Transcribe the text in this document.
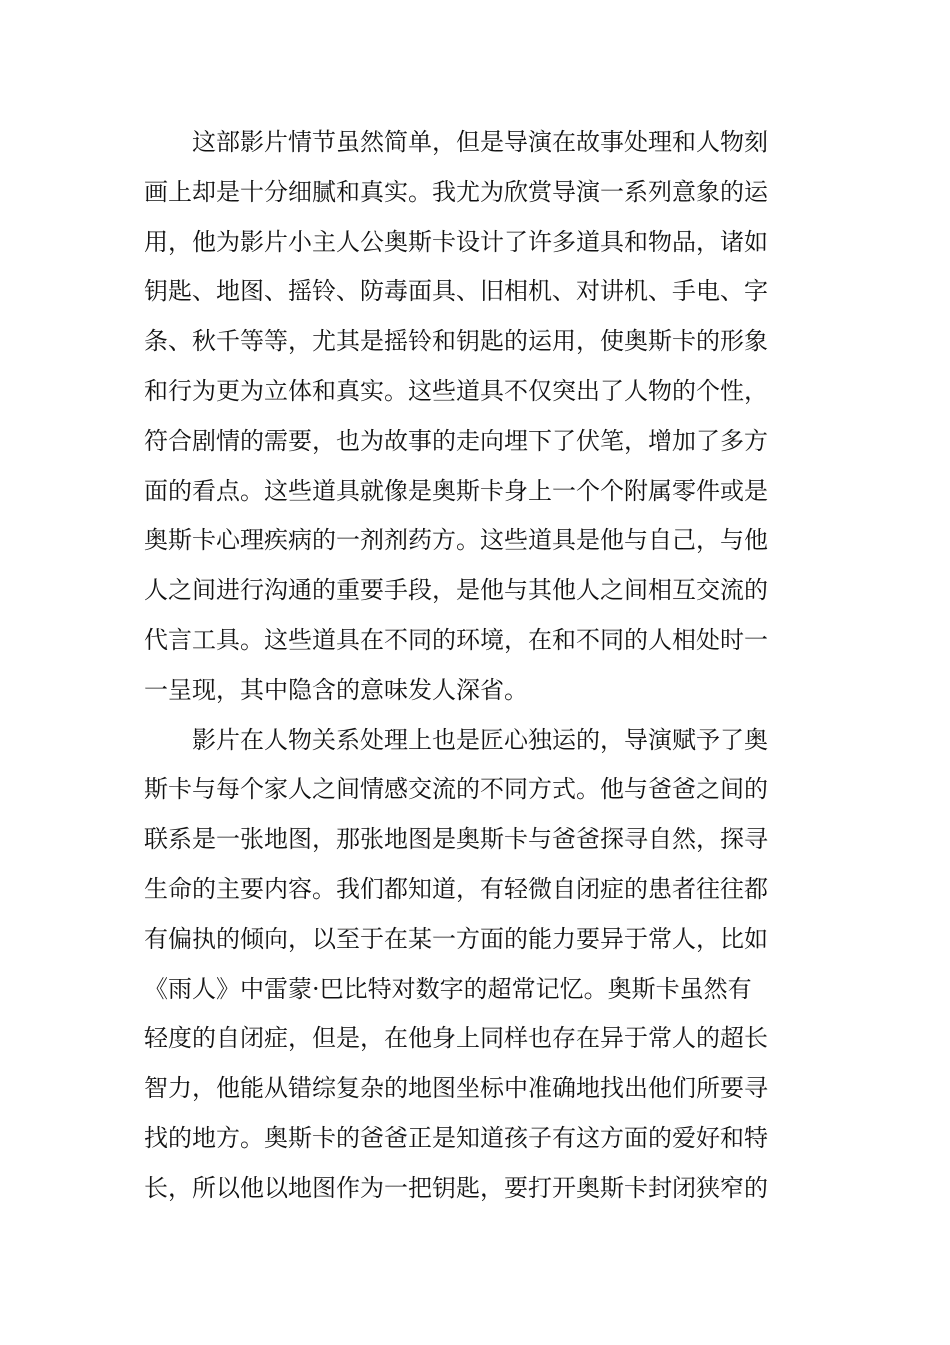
这部影片情节虽然简单，但是导演在故事处理和人物刻
画上却是十分细腻和真实。我尤为欣赏导演一系列意象的运
用，他为影片小主人公奥斯卡设计了许多道具和物品，诸如
钥匙、地图、摇铃、防毒面具、旧相机、对讲机、手电、字
条、秋千等等，尤其是摇铃和钥匙的运用，使奥斯卡的形象
和行为更为立体和真实。这些道具不仅突出了人物的个性，
符合剧情的需要，也为故事的走向埋下了伏笔，增加了多方
面的看点。这些道具就像是奥斯卡身上一个个附属零件或是
奥斯卡心理疾病的一剂剂药方。这些道具是他与自己，与他
人之间进行沟通的重要手段，是他与其他人之间相互交流的
代言工具。这些道具在不同的环境，在和不同的人相处时一
一呈现，其中隐含的意味发人深省。
影片在人物关系处理上也是匠心独运的，导演赋予了奥
斯卡与每个家人之间情感交流的不同方式。他与爸爸之间的
联系是一张地图，那张地图是奥斯卡与爸爸探寻自然，探寻
生命的主要内容。我们都知道，有轻微自闭症的患者往往都
有偏执的倾向，以至于在某一方面的能力要异于常人，比如
《雨人》中雷蒙·巴比特对数字的超常记忆。奥斯卡虽然有
轻度的自闭症，但是，在他身上同样也存在异于常人的超长
智力，他能从错综复杂的地图坐标中准确地找出他们所要寻
找的地方。奥斯卡的爸爸正是知道孩子有这方面的爱好和特
长，所以他以地图作为一把钥匙，要打开奥斯卡封闭狭窄的
